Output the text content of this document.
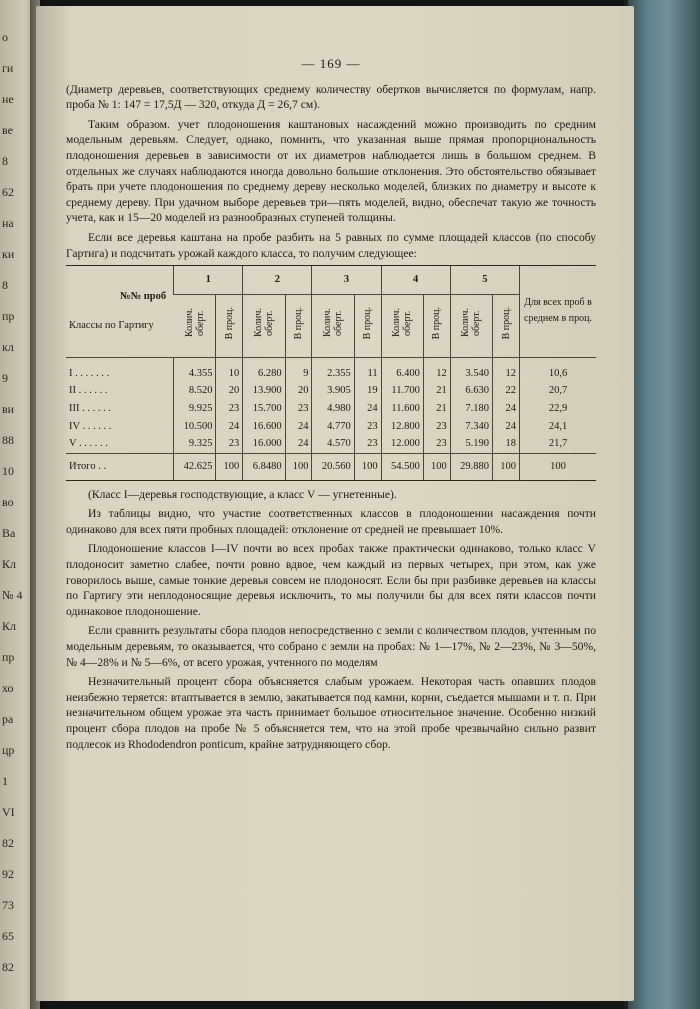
о
ги
не
ве
8
62
на
ки
8
пр
кл
9
ви
88
10
во
Ва
Кл
№ 4
Кл
пр
хо
ра
цр
1
VI
82
92
73
65
82
— 169 —

(Диаметр деревьев, соответствующих среднему количеству обертков вычисляется по формулам, напр. проба № 1: 147 = 17,5Д — 320, откуда Д = 26,7 см).

Таким образом. учет плодоношения каштановых насаждений можно производить по средним модельным деревьям. Следует, однако, помнить, что указанная выше прямая пропорциональность плодоношения деревьев в зависимости от их диаметров наблюдается лишь в большом среднем. В отдельных же случаях наблюдаются иногда довольно большие отклонения. Это обстоятельство обязывает брать при учете плодоношения по среднему дереву несколько моделей, близких по диаметру и высоте к среднему дереву. При удачном выборе деревьев три—пять моделей, видно, обеспечат такую же точность учета, как и 15—20 моделей из разнообразных ступеней толщины.

Если все деревья каштана на пробе разбить на 5 равных по сумме площадей классов (по способу Гартига) и подсчитать урожай каждого класса, то получим следующее:

№№ проб
Классы по Гартигу	1		2		3		4		5		Для всех проб в среднем в проц.
	Колич. оберт.	В проц.	Колич. оберт.	В проц.	Колич. оберт.	В проц.	Колич. оберт.	В проц.	Колич. оберт.	В проц.	
I . . . . . . .	4.355	10	6.280	9	2.355	11	6.400	12	3.540	12	10,6
II . . . . . .	8.520	20	13.900	20	3.905	19	11.700	21	6.630	22	20,7
III . . . . . .	9.925	23	15.700	23	4.980	24	11.600	21	7.180	24	22,9
IV . . . . . .	10.500	24	16.600	24	4.770	23	12.800	23	7.340	24	24,1
V . . . . . .	9.325	23	16.000	24	4.570	23	12.000	23	5.190	18	21,7
Итого . .	42.625	100	6.8480	100	20.560	100	54.500	100	29.880	100	100

(Класс I—деревья господствующие, а класс V — угнетенные).

Из таблицы видно, что участие соответственных классов в плодоношении насаждения почти одинаково для всех пяти пробных площадей: отклонение от средней не превышает 10%.

Плодоношение классов I—IV почти во всех пробах также практически одинаково, только класс V плодоносит заметно слабее, почти ровно вдвое, чем каждый из первых четырех, при этом, как уже говорилось выше, самые тонкие деревья совсем не плодоносят. Если бы при разбивке деревьев на классы по Гартигу эти неплодоносящие деревья исключить, то мы получили бы для всех пяти классов почти одинаковое плодоношение.

Если сравнить результаты сбора плодов непосредственно с земли с количеством плодов, учтенным по модельным деревьям, то оказывается, что собрано с земли на пробах: № 1—17%, № 2—23%, № 3—50%, № 4—28% и № 5—6%, от всего урожая, учтенного по моделям

Незначительный процент сбора объясняется слабым урожаем. Некоторая часть опавших плодов неизбежно теряется: втаптывается в землю, закатывается под камни, корни, съедается мышами и т. п. При незначительном общем урожае эта часть принимает большое относительное значение. Особенно низкий процент сбора плодов на пробе № 5 объясняется тем, что на этой пробе чрезвычайно сильно развит подлесок из Rhododendron ponticum, крайне затрудняющего сбор.
